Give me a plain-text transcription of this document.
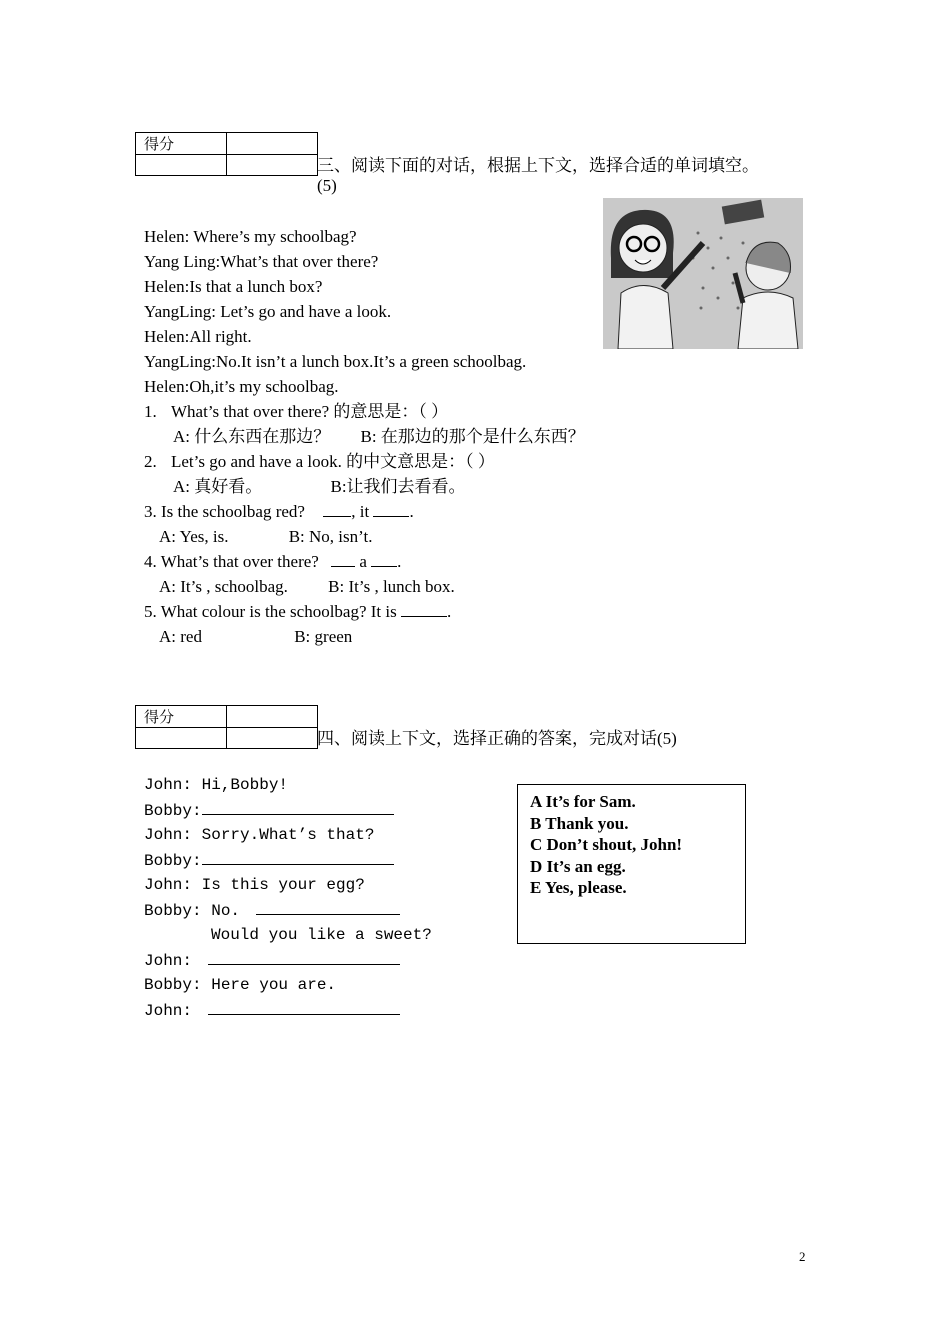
得分	

三、阅读下面的对话，根据上下文，选择合适的单词填空。
(5)
Helen: Where’s my schoolbag?
Yang Ling:What’s that over there?
Helen:Is that a lunch box?
YangLing: Let’s go and have a look.
Helen:All right.
YangLing:No.It isn’t a lunch box.It’s a green schoolbag.
Helen:Oh,it’s my schoolbag.
1. What’s that over there? 的意思是：（ ）
A: 什么东西在那边？ B: 在那边的那个是什么东西？
2. Let’s go and have a look. 的中文意思是：（ ）
A: 真好看。	B:让我们去看看。
3. Is the schoolbag red?	, it .
A: Yes, is.	B: No, isn’t.
4. What’s that over there? a .
A: It’s , schoolbag. B: It’s , lunch box.
5. What colour is the schoolbag? It is	.
A: red	B: green
得分	

四、阅读上下文，选择正确的答案，完成对话(5)
John: Hi,Bobby!
Bobby:
John: Sorry.What’s that?
Bobby:
John: Is this your egg?
Bobby: No.
Would you like a sweet?
John:
Bobby: Here you are.
John:
A It’s for Sam.
B Thank you.
C Don’t shout, John!
D It’s an egg.
E Yes, please.
2
